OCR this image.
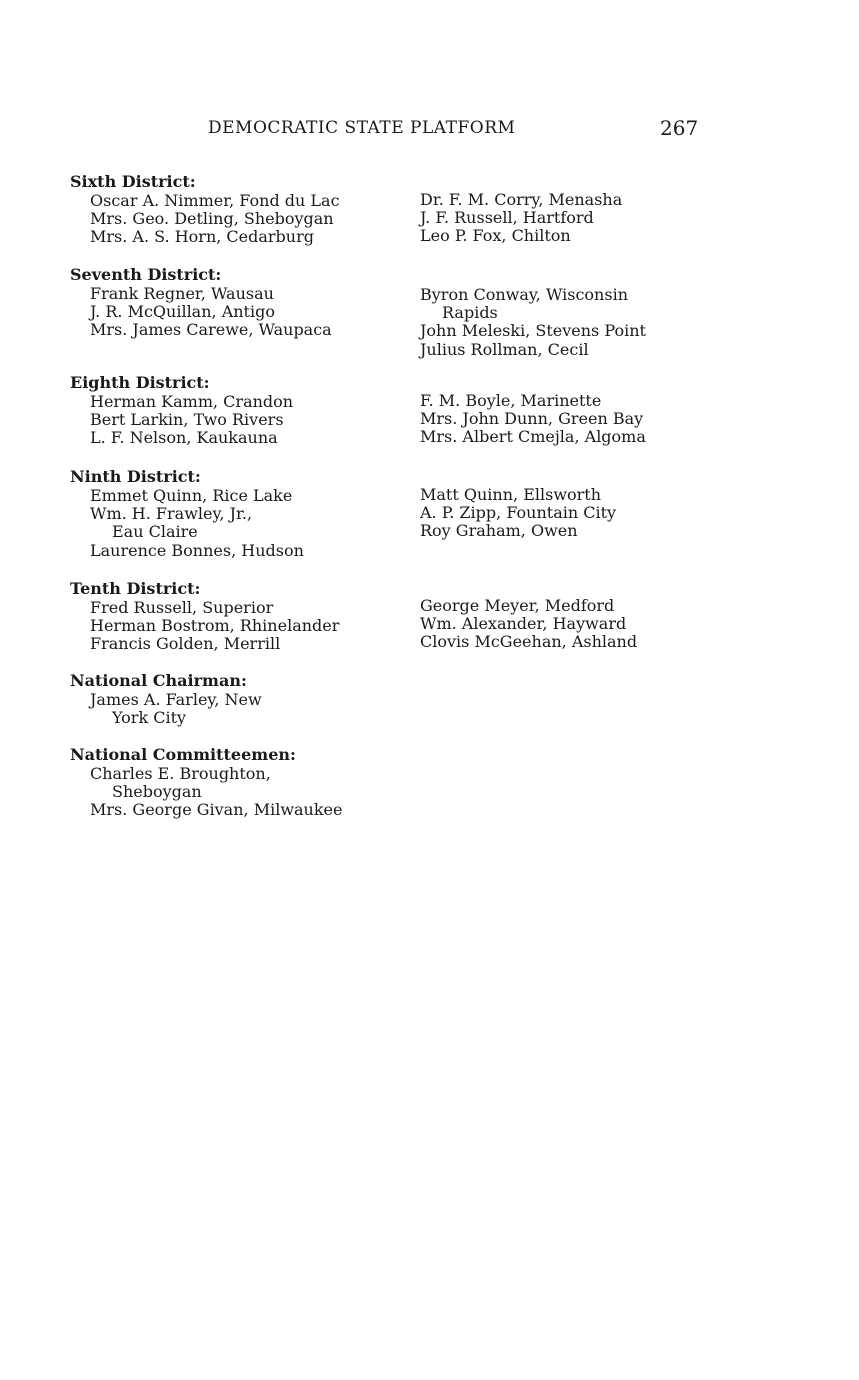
DEMOCRATIC STATE PLATFORM	267
Sixth District:
Oscar A. Nimmer, Fond du Lac
Mrs. Geo. Detling, Sheboygan
Mrs. A. S. Horn, Cedarburg
Dr. F. M. Corry, Menasha
J. F. Russell, Hartford
Leo P. Fox, Chilton
Seventh District:
Frank Regner, Wausau
J. R. McQuillan, Antigo
Mrs. James Carewe, Waupaca
Byron Conway, Wisconsin
Rapids
John Meleski, Stevens Point
Julius Rollman, Cecil
Eighth District:
Herman Kamm, Crandon
Bert Larkin, Two Rivers
L. F. Nelson, Kaukauna
F. M. Boyle, Marinette
Mrs. John Dunn, Green Bay
Mrs. Albert Cmejla, Algoma
Ninth District:
Emmet Quinn, Rice Lake
Wm. H. Frawley, Jr.,
Eau Claire
Laurence Bonnes, Hudson
Matt Quinn, Ellsworth
A. P. Zipp, Fountain City
Roy Graham, Owen
Tenth District:
Fred Russell, Superior
Herman Bostrom, Rhinelander
Francis Golden, Merrill
George Meyer, Medford
Wm. Alexander, Hayward
Clovis McGeehan, Ashland
National Chairman:
James A. Farley, New
York City
National Committeemen:
Charles E. Broughton,
Sheboygan
Mrs. George Givan, Milwaukee
